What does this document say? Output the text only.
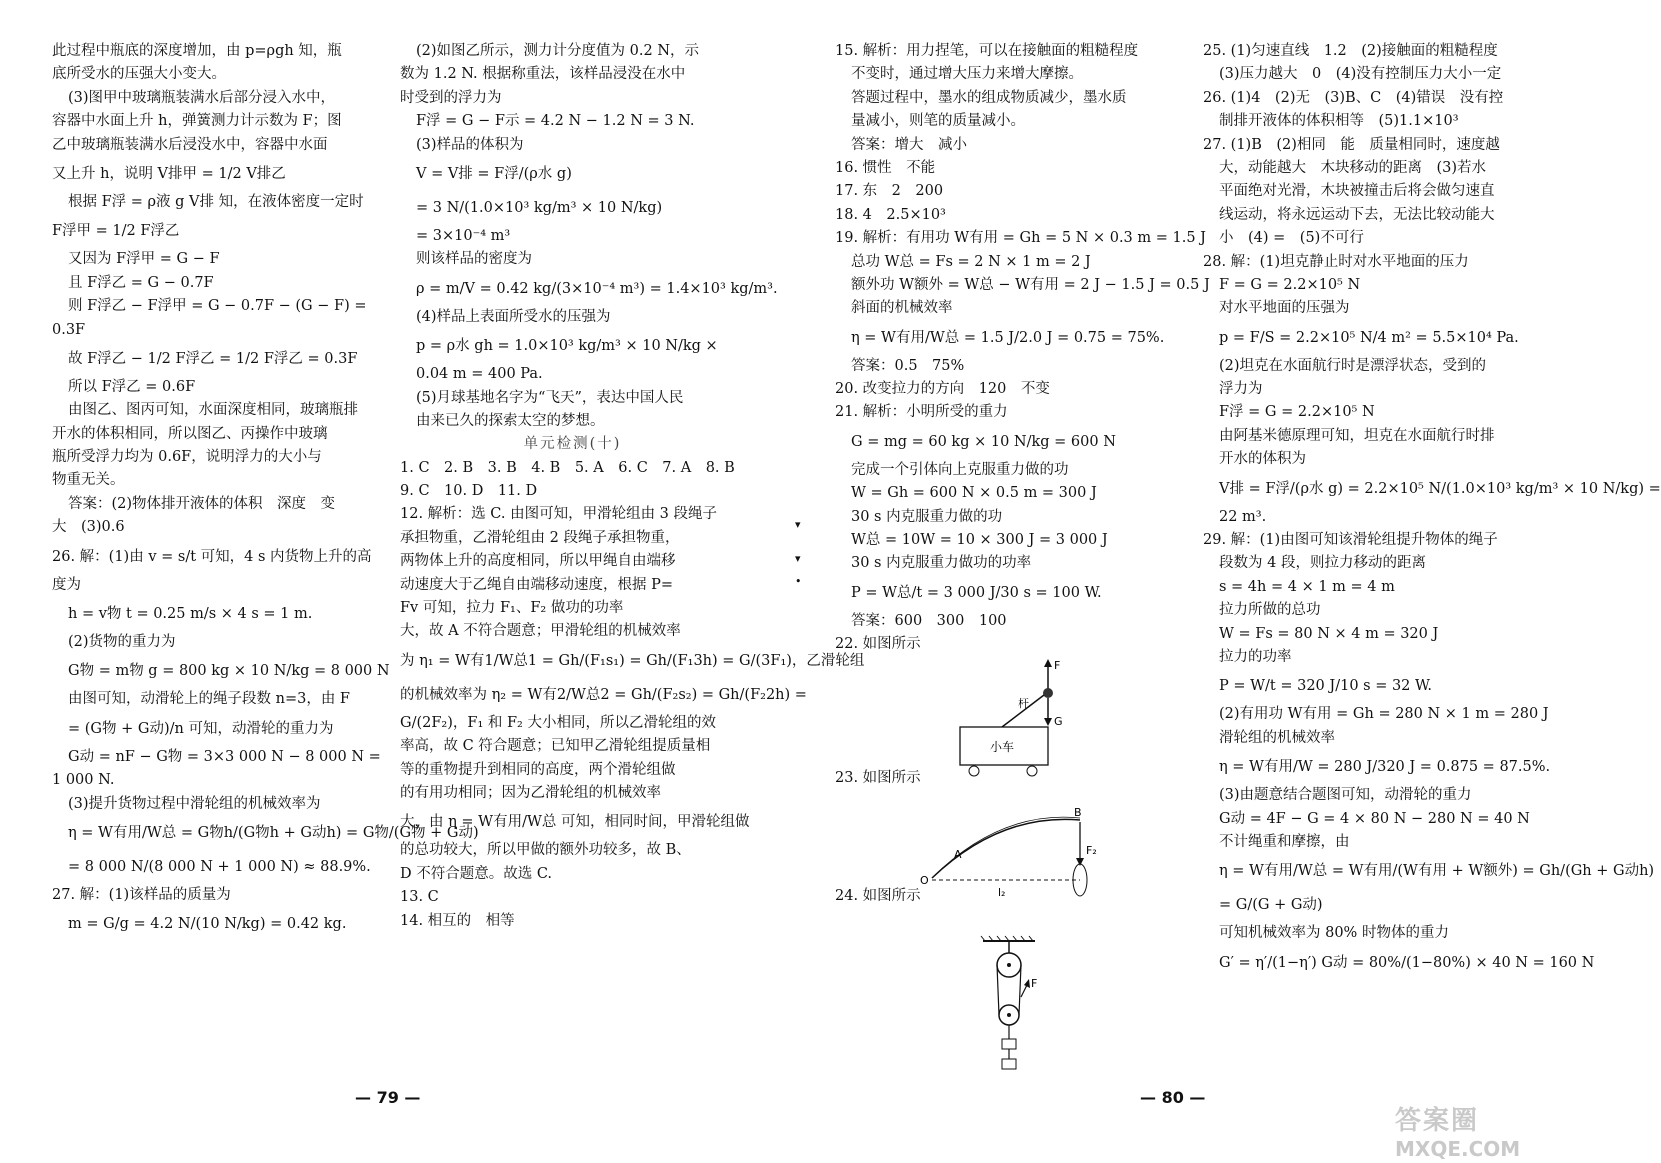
此过程中瓶底的深度增加，由 p=ρgh 知，瓶
底所受水的压强大小变大。
(3)图甲中玻璃瓶装满水后部分浸入水中，
容器中水面上升 h，弹簧测力计示数为 F；图
乙中玻璃瓶装满水后浸没水中，容器中水面
又上升 h，说明 V排甲 = 1/2 V排乙
根据 F浮 = ρ液 g V排 知，在液体密度一定时
F浮甲 = 1/2 F浮乙
又因为 F浮甲 = G − F
且 F浮乙 = G − 0.7F
则 F浮乙 − F浮甲 = G − 0.7F − (G − F) =
0.3F
故 F浮乙 − 1/2 F浮乙 = 1/2 F浮乙 = 0.3F
所以 F浮乙 = 0.6F
由图乙、图丙可知，水面深度相同，玻璃瓶排
开水的体积相同，所以图乙、丙操作中玻璃
瓶所受浮力均为 0.6F，说明浮力的大小与
物重无关。
答案：(2)物体排开液体的体积　深度　变
大　(3)0.6
26. 解：(1)由 v = s/t 可知，4 s 内货物上升的高
度为
h = v物 t = 0.25 m/s × 4 s = 1 m.
(2)货物的重力为
G物 = m物 g = 800 kg × 10 N/kg = 8 000 N
由图可知，动滑轮上的绳子段数 n=3，由 F
= (G物 + G动)/n 可知，动滑轮的重力为
G动 = nF − G物 = 3×3 000 N − 8 000 N =
1 000 N.
(3)提升货物过程中滑轮组的机械效率为
η = W有用/W总 = G物h/(G物h + G动h) = G物/(G物 + G动)
= 8 000 N/(8 000 N + 1 000 N) ≈ 88.9%.
27. 解：(1)该样品的质量为
m = G/g = 4.2 N/(10 N/kg) = 0.42 kg.
(2)如图乙所示，测力计分度值为 0.2 N，示
数为 1.2 N. 根据称重法，该样品浸没在水中
时受到的浮力为
F浮 = G − F示 = 4.2 N − 1.2 N = 3 N.
(3)样品的体积为
V = V排 = F浮/(ρ水 g)
= 3 N/(1.0×10³ kg/m³ × 10 N/kg)
= 3×10⁻⁴ m³
则该样品的密度为
ρ = m/V = 0.42 kg/(3×10⁻⁴ m³) = 1.4×10³ kg/m³.
(4)样品上表面所受水的压强为
p = ρ水 gh = 1.0×10³ kg/m³ × 10 N/kg ×
0.04 m = 400 Pa.
(5)月球基地名字为“飞天”，表达中国人民
由来已久的探索太空的梦想。
单元检测(十)
1. C　2. B　3. B　4. B　5. A　6. C　7. A　8. B
9. C　10. D　11. D
12. 解析：选 C. 由图可知，甲滑轮组由 3 段绳子
承担物重，乙滑轮组由 2 段绳子承担物重，
两物体上升的高度相同，所以甲绳自由端移
动速度大于乙绳自由端移动速度，根据 P=
Fv 可知，拉力 F₁、F₂ 做功的功率
大，故 A 不符合题意；甲滑轮组的机械效率
为 η₁ = W有1/W总1 = Gh/(F₁s₁) = Gh/(F₁3h) = G/(3F₁)，乙滑轮组
的机械效率为 η₂ = W有2/W总2 = Gh/(F₂s₂) = Gh/(F₂2h) =
G/(2F₂)，F₁ 和 F₂ 大小相同，所以乙滑轮组的效
率高，故 C 符合题意；已知甲乙滑轮组提质量相
等的重物提升到相同的高度，两个滑轮组做
的有用功相同；因为乙滑轮组的机械效率
大，由 η = W有用/W总 可知，相同时间，甲滑轮组做
的总功较大，所以甲做的额外功较多，故 B、
D 不符合题意。故选 C.
13. C
14. 相互的　相等
15. 解析：用力捏笔，可以在接触面的粗糙程度
不变时，通过增大压力来增大摩擦。
答题过程中，墨水的组成物质减少，墨水质
量减小，则笔的质量减小。
答案：增大　减小
16. 惯性　不能
17. 东　2　200
18. 4　2.5×10³
19. 解析：有用功 W有用 = Gh = 5 N × 0.3 m = 1.5 J
总功 W总 = Fs = 2 N × 1 m = 2 J
额外功 W额外 = W总 − W有用 = 2 J − 1.5 J = 0.5 J
斜面的机械效率
η = W有用/W总 = 1.5 J/2.0 J = 0.75 = 75%.
答案：0.5　75%
20. 改变拉力的方向　120　不变
21. 解析：小明所受的重力
G = mg = 60 kg × 10 N/kg = 600 N
完成一个引体向上克服重力做的功
W = Gh = 600 N × 0.5 m = 300 J
30 s 内克服重力做的功
W总 = 10W = 10 × 300 J = 3 000 J
30 s 内克服重力做功的功率
P = W总/t = 3 000 J/30 s = 100 W.
答案：600　300　100
22. 如图所示
23. 如图所示
24. 如图所示
25. (1)匀速直线　1.2　(2)接触面的粗糙程度
(3)压力越大　0　(4)没有控制压力大小一定
26. (1)4　(2)无　(3)B、C　(4)错误　没有控
制排开液体的体积相等　(5)1.1×10³
27. (1)B　(2)相同　能　质量相同时，速度越
大，动能越大　木块移动的距离　(3)若水
平面绝对光滑，木块被撞击后将会做匀速直
线运动，将永远运动下去，无法比较动能大
小　(4) =　(5)不可行
28. 解：(1)坦克静止时对水平地面的压力
F = G = 2.2×10⁵ N
对水平地面的压强为
p = F/S = 2.2×10⁵ N/4 m² = 5.5×10⁴ Pa.
(2)坦克在水面航行时是漂浮状态，受到的
浮力为
F浮 = G = 2.2×10⁵ N
由阿基米德原理可知，坦克在水面航行时排
开水的体积为
V排 = F浮/(ρ水 g) = 2.2×10⁵ N/(1.0×10³ kg/m³ × 10 N/kg) =
22 m³.
29. 解：(1)由图可知该滑轮组提升物体的绳子
段数为 4 段，则拉力移动的距离
s = 4h = 4 × 1 m = 4 m
拉力所做的总功
W = Fs = 80 N × 4 m = 320 J
拉力的功率
P = W/t = 320 J/10 s = 32 W.
(2)有用功 W有用 = Gh = 280 N × 1 m = 280 J
滑轮组的机械效率
η = W有用/W = 280 J/320 J = 0.875 = 87.5%.
(3)由题意结合题图可知，动滑轮的重力
G动 = 4F − G = 4 × 80 N − 280 N = 40 N
不计绳重和摩擦，由
η = W有用/W总 = W有用/(W有用 + W额外) = Gh/(Gh + G动h)
= G/(G + G动)
可知机械效率为 80% 时物体的重力
G′ = η′/(1−η′) G动 = 80%/(1−80%) × 40 N = 160 N
F
G
杆
小车
O
A
B
F₂
l₂
F
▾
▾
•
— 79 —	— 80 —
答案圈
MXQE.COM
